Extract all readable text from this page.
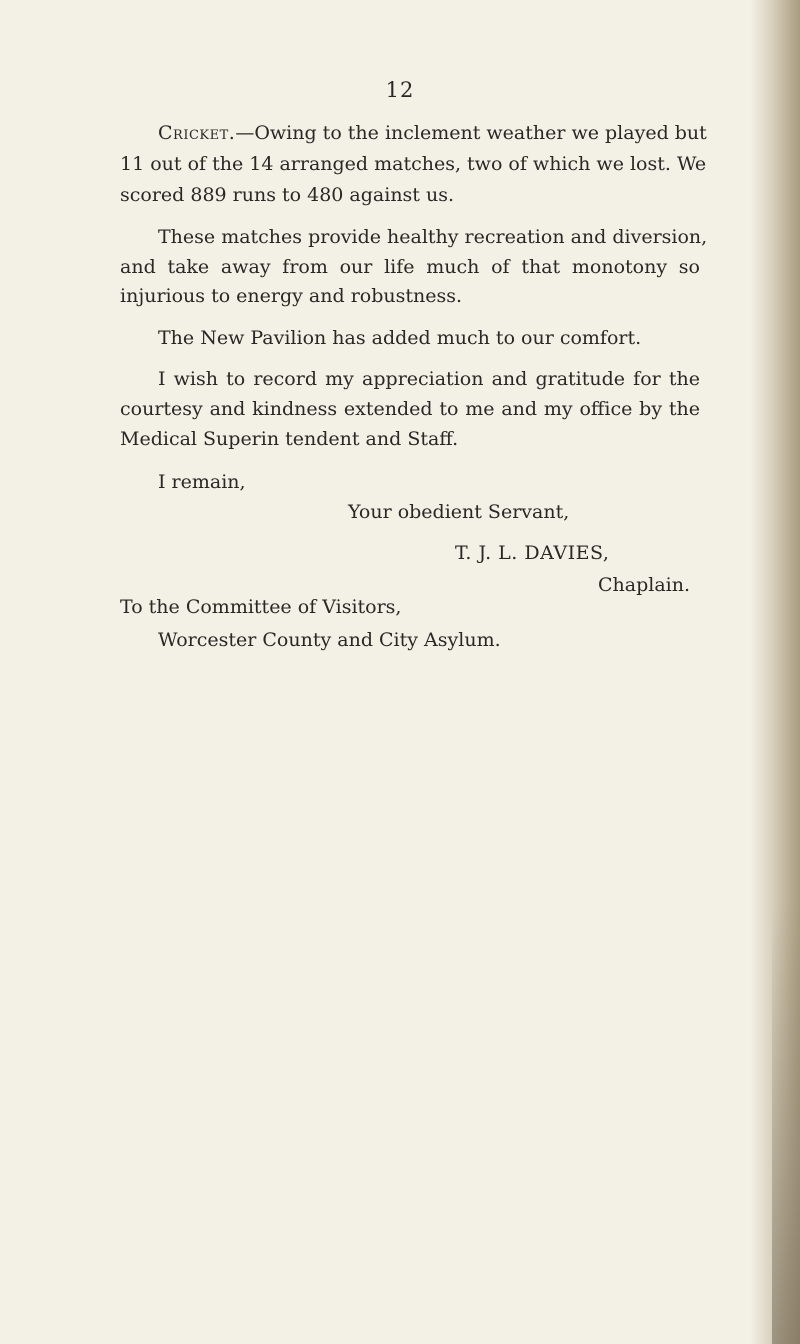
12
Cricket.—Owing to the inclement weather we played but
11 out of the 14 arranged matches, two of which we lost. We
scored 889 runs to 480 against us.
These matches provide healthy recreation and diversion,
and take away from our life much of that monotony so
injurious to energy and robustness.
The New Pavilion has added much to our comfort.
I wish to record my appreciation and gratitude for the
courtesy and kindness extended to me and my office by the
Medical Superin tendent and Staff.
I remain,
Your obedient Servant,
T. J. L. DAVIES,
Chaplain.
To the Committee of Visitors,
Worcester County and City Asylum.
